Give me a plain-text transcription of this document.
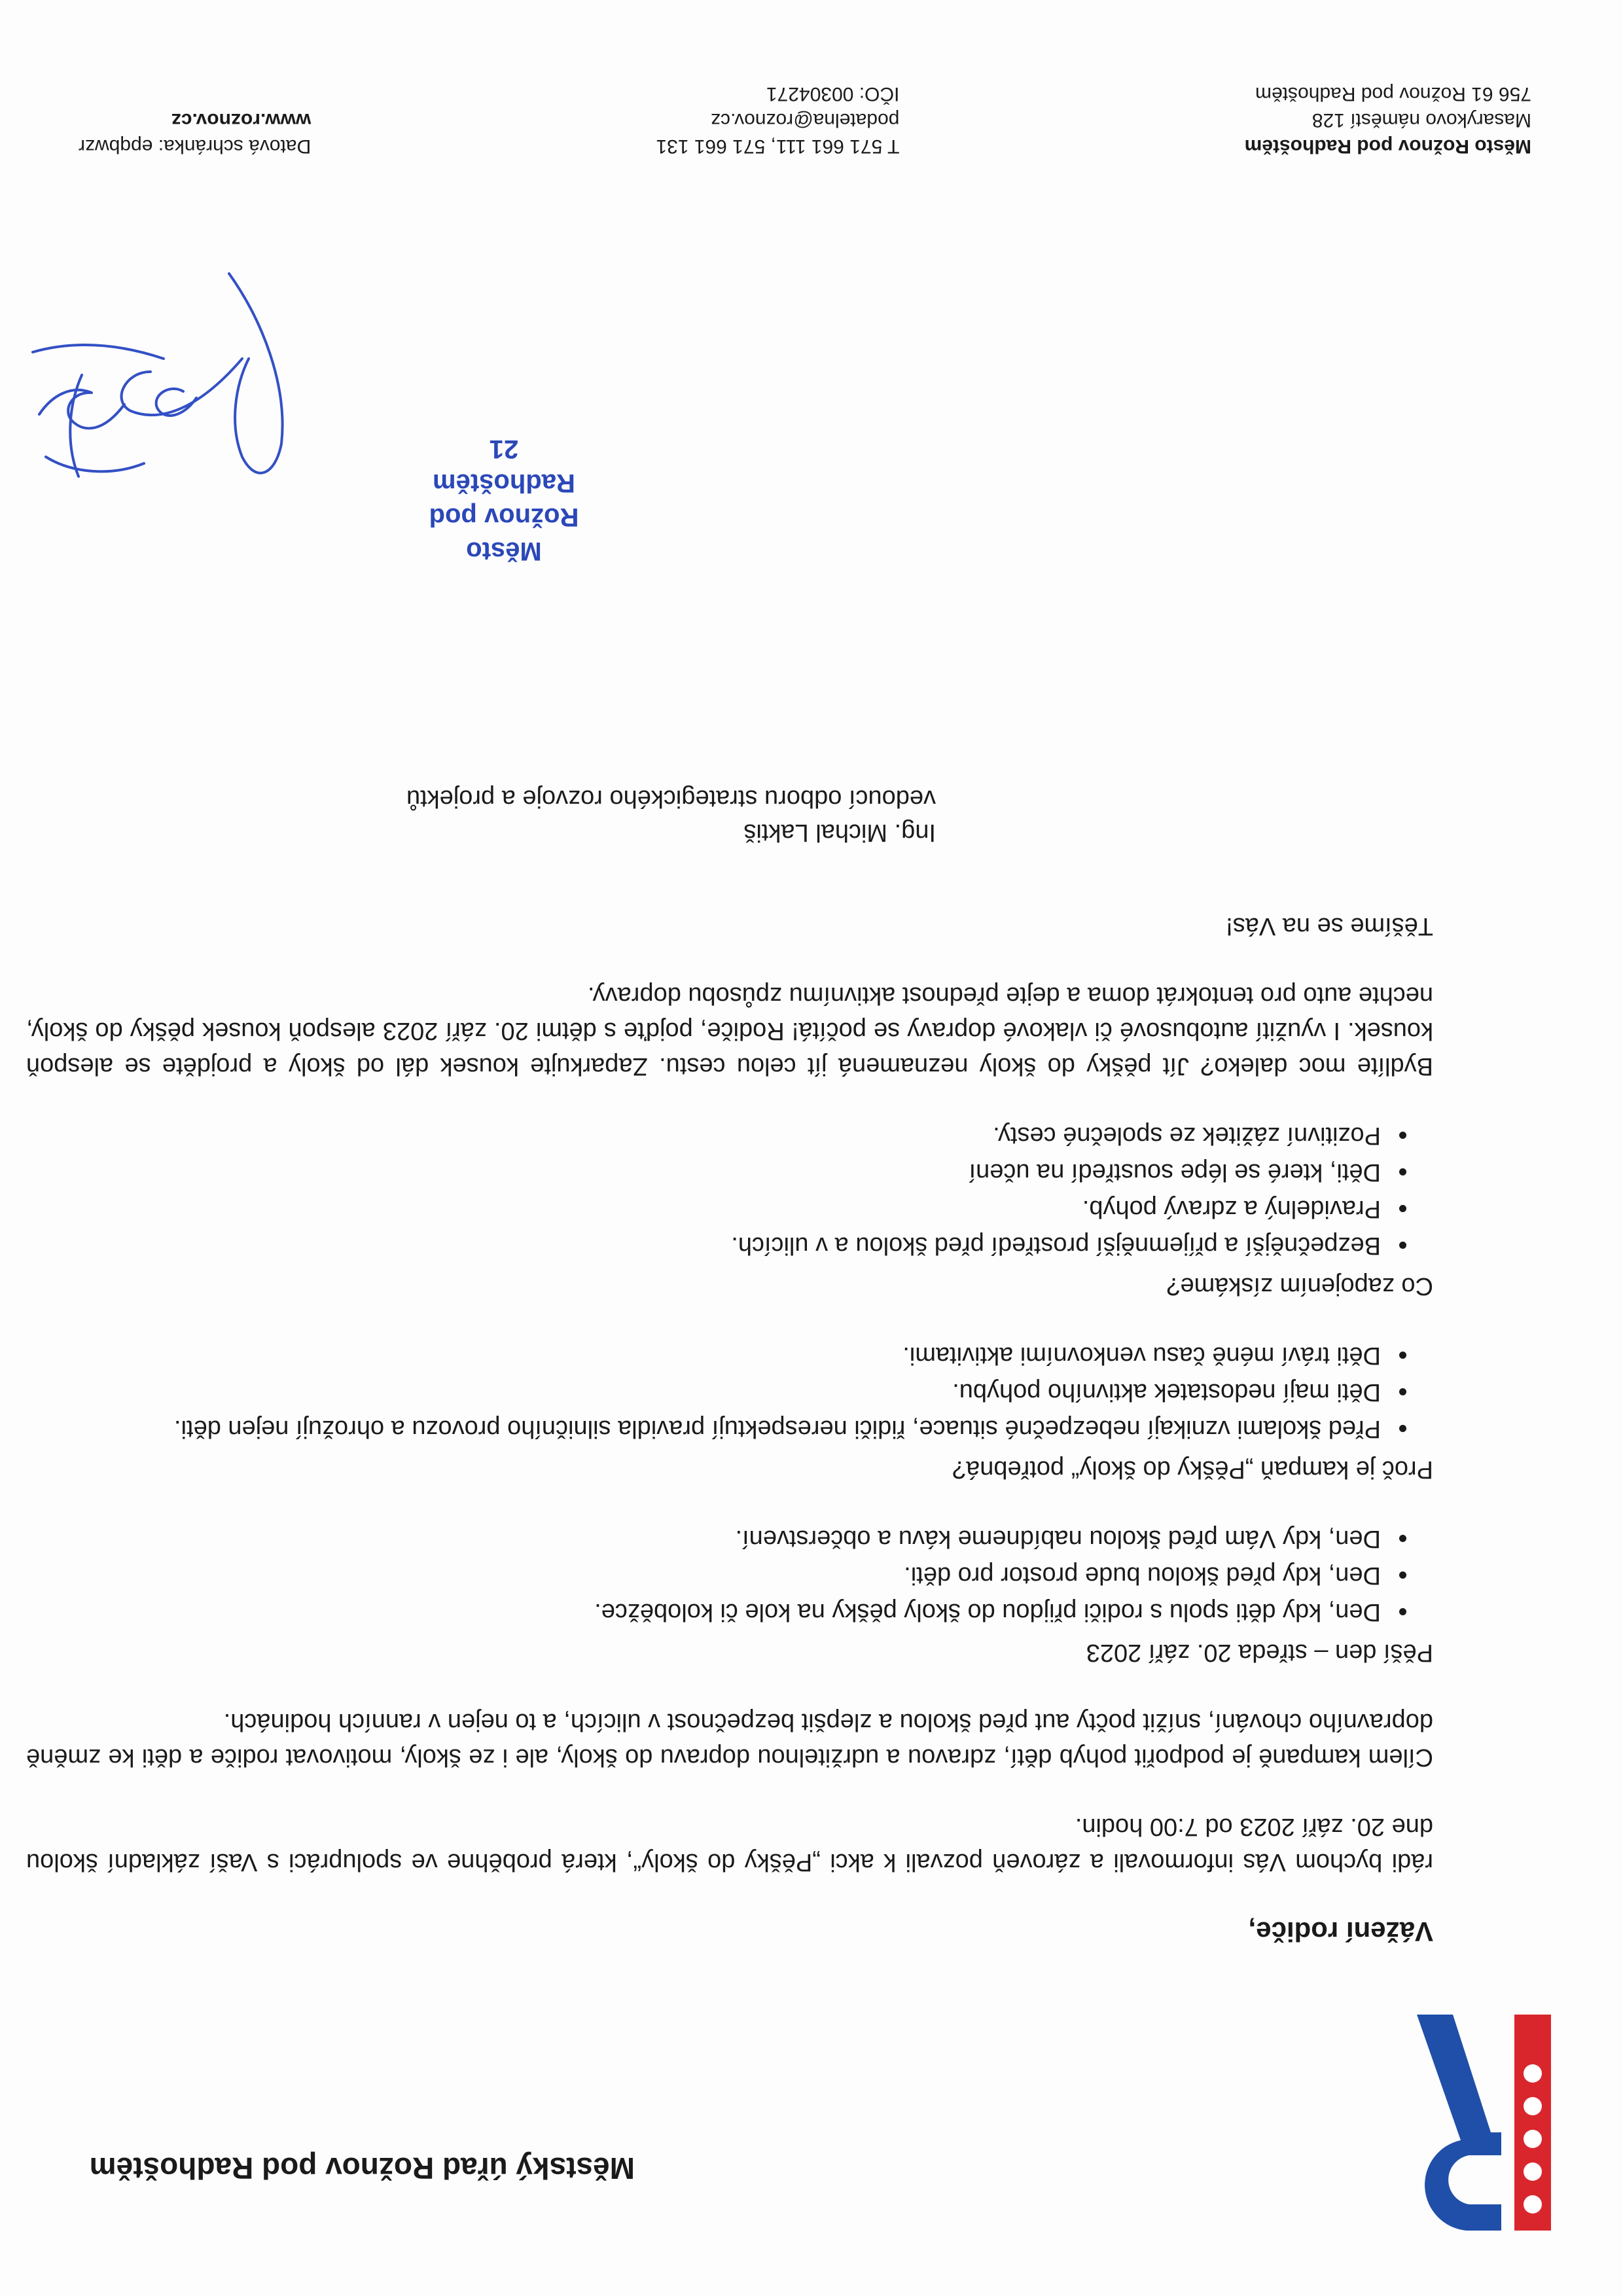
Městský úřad Rožnov pod Radhoštěm
Vážení rodiče,

rádi bychom Vás informovali a zároveň pozvali k akci „Pěšky do školy“, která proběhne ve spolupráci s Vaší základní školou dne 20. září 2023 od 7:00 hodin.

Cílem kampaně je podpořit pohyb dětí, zdravou a udržitelnou dopravu do školy, ale i ze školy, motivovat rodiče a děti ke změně dopravního chování, snížit počty aut před školou a zlepšit bezpečnost v ulicích, a to nejen v ranních hodinách.

Pěší den – středa 20. září 2023

• Den, kdy děti spolu s rodiči přijdou do školy pěšky na kole či koloběžce.
• Den, kdy před školou bude prostor pro děti.
• Den, kdy Vám před školou nabídneme kávu a občerstvení.

Proč je kampaň „Pěšky do školy“ potřebná?

• Před školami vznikají nebezpečné situace, řidiči nerespektují pravidla silničního provozu a ohrožují nejen děti.
• Děti mají nedostatek aktivního pohybu.
• Děti tráví méně času venkovními aktivitami.

Co zapojením získáme?

• Bezpečnější a příjemnější prostředí před školou a v ulicích.
• Pravidelný a zdravý pohyb.
• Děti, které se lépe soustředí na učení
• Pozitivní zážitek ze společné cesty.

Bydlíte moc daleko? Jít pěšky do školy neznamená jít celou cestu. Zaparkujte kousek dál od školy a projděte se alespoň kousek. I využití autobusové či vlakové dopravy se počítá! Rodiče, pojďte s dětmi 20. září 2023 alespoň kousek pěšky do školy, nechte auto pro tentokrát doma a dejte přednost aktivnímu způsobu dopravy.

Těšíme se na Vás!
Ing. Michal Laktiš
vedoucí odboru strategického rozvoje a projektů
Město
Rožnov pod Radhoštěm
21
Město Rožnov pod Radhoštěm
Masarykovo náměstí 128
756 61 Rožnov pod Radhoštěm
T 571 661 111, 571 661 131
podatelna@roznov.cz
IČO: 00304271
Datová schránka: epqbwzr
www.roznov.cz
